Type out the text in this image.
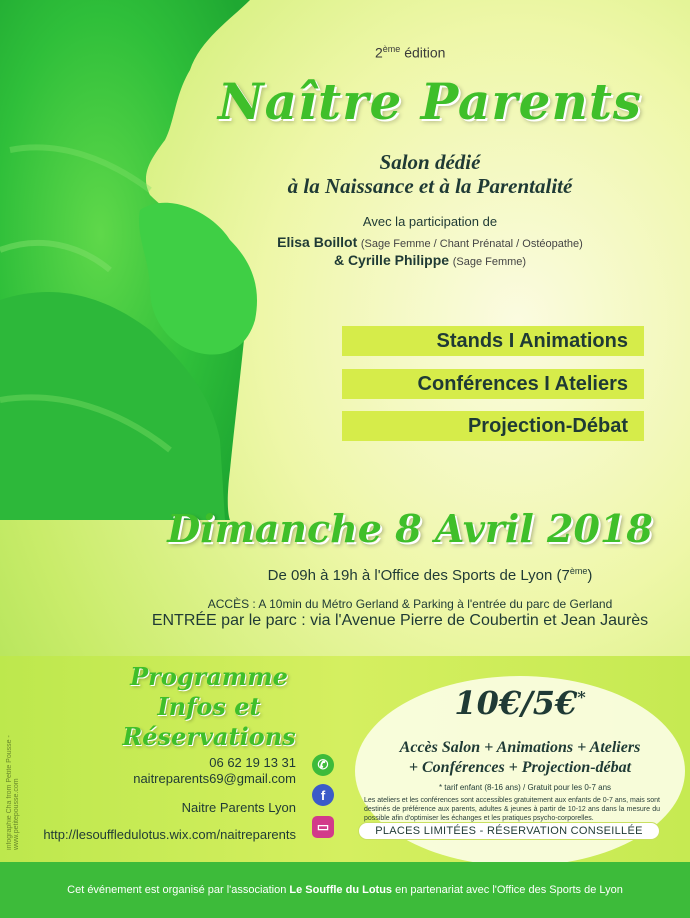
2ème édition
Naître Parents
Salon dédié
à la Naissance et à la Parentalité
Avec la participation de
Elisa Boillot (Sage Femme / Chant Prénatal / Ostéopathe)
& Cyrille Philippe (Sage Femme)
Stands I Animations
Conférences I Ateliers
Projection-Débat
Dimanche 8 Avril 2018
De 09h à 19h à l'Office des Sports de Lyon (7ème)
ACCÈS : A 10min du Métro Gerland & Parking à l'entrée du parc de Gerland
ENTRÉE par le parc : via l'Avenue Pierre de Coubertin et Jean Jaurès
infographie Cha from Petite Pousse - www.petitepousse.com
Programme
Infos et Réservations
06 62 19 13 31
naitreparents69@gmail.com
✆
Naitre Parents Lyon
f
http://lesouffledulotus.wix.com/naitreparents
▭
10€/5€*
Accès Salon + Animations + Ateliers
+ Conférences + Projection-débat
* tarif enfant (8-16 ans) / Gratuit pour les 0-7 ans
Les ateliers et les conférences sont accessibles gratuitement aux enfants de 0-7 ans, mais sont destinés de préférence aux parents, adultes & jeunes à partir de 10-12 ans dans la mesure du possible afin d'optimiser les échanges et les pratiques psycho-corporelles.
PLACES LIMITÉES - RÉSERVATION CONSEILLÉE
Cet événement est organisé par l'association
Le Souffle du Lotus
en partenariat avec l'Office des Sports de Lyon
